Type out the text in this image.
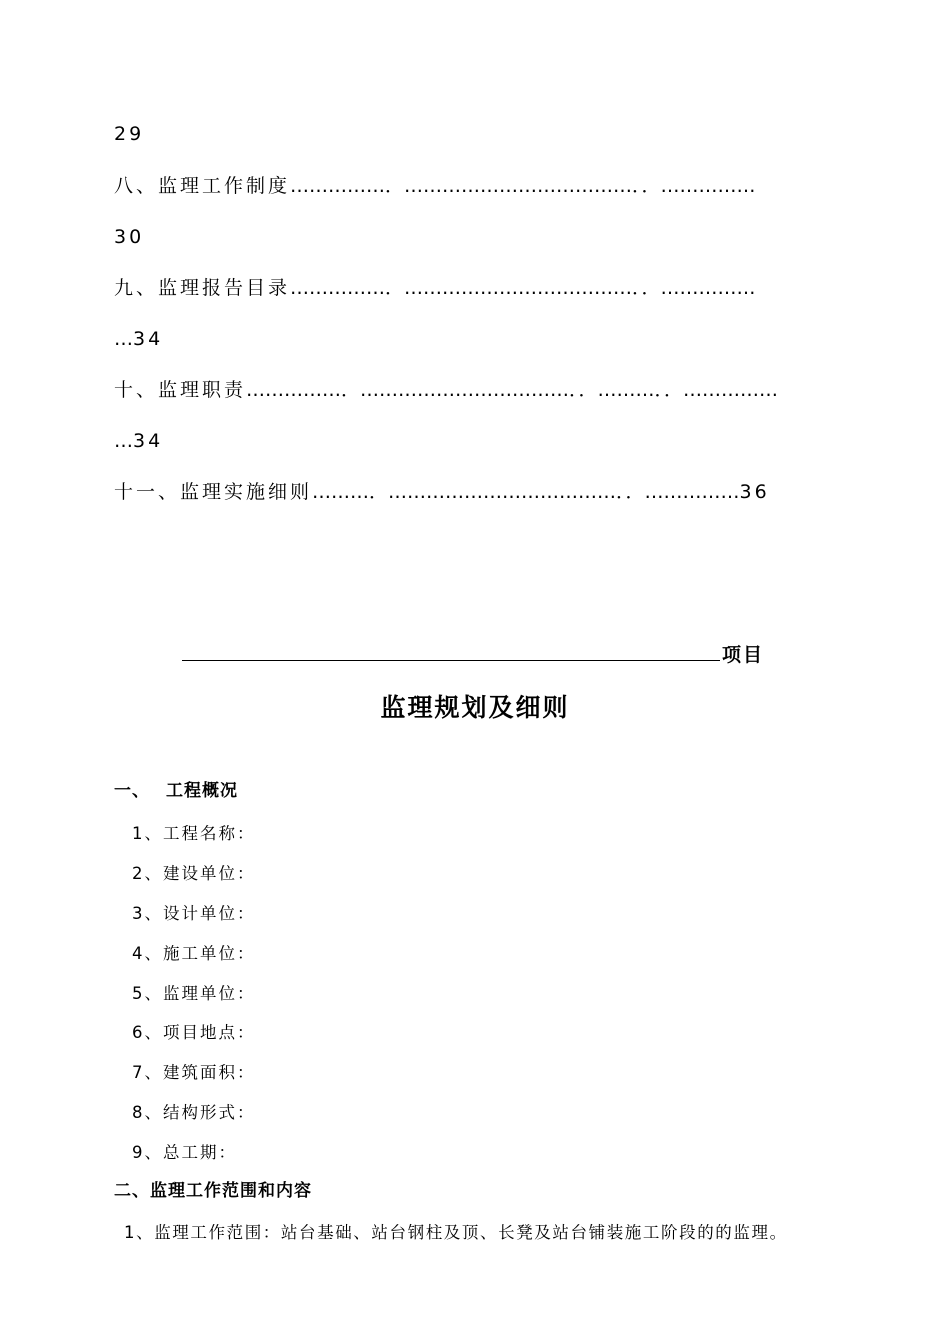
29
八、监理工作制度……………．………………………………．．……………
30
九、监理报告目录……………．………………………………．．……………
…34
十、监理职责……………．……………………………．．………．．……………
…34
十一、监理实施细则………．………………………………．．……………36
项目
监理规划及细则
一、 工程概况
1、工程名称：
2、建设单位：
3、设计单位：
4、施工单位：
5、监理单位：
6、项目地点：
7、建筑面积：
8、结构形式：
9、总工期：
二、监理工作范围和内容
1、监理工作范围：站台基础、站台钢柱及顶、长凳及站台铺装施工阶段的的监理。
